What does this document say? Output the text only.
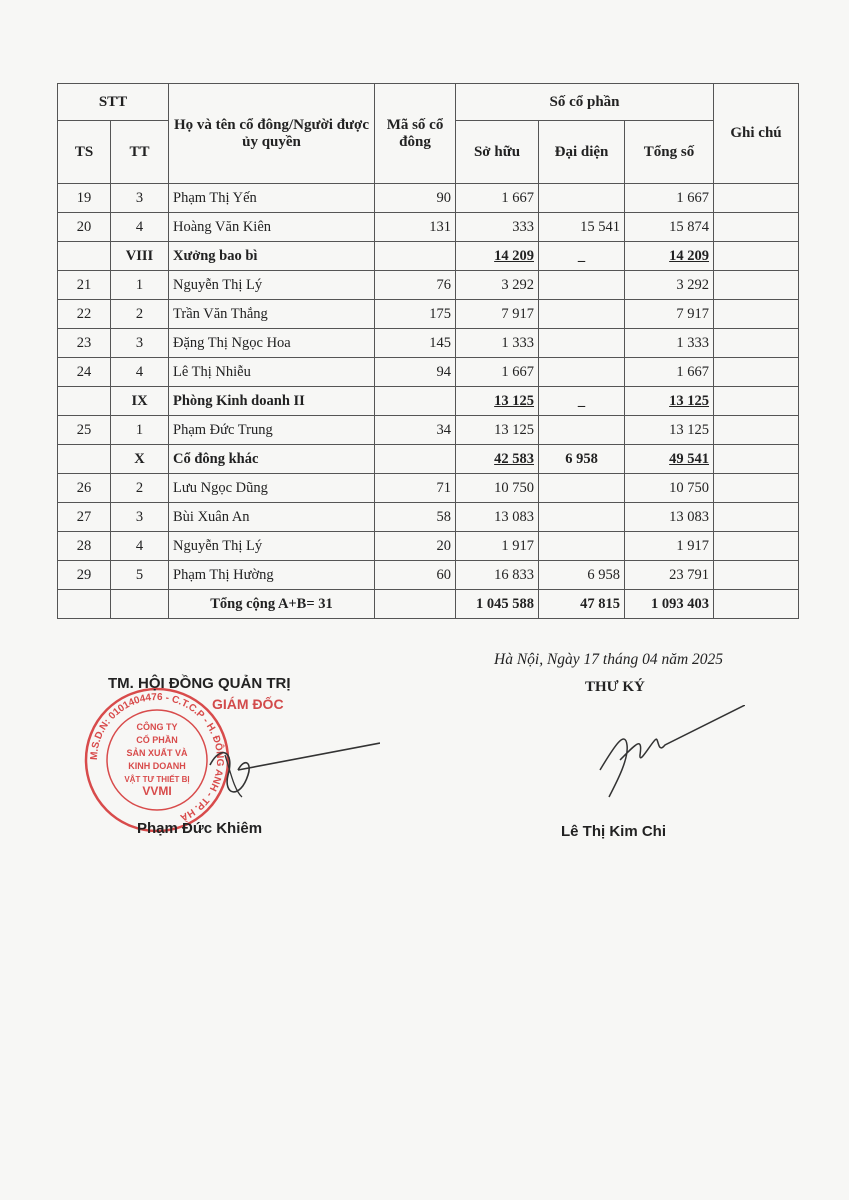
STT		Họ và tên cổ đông/Người được ủy quyền	Mã số cổ đông	Số cổ phần			Ghi chú
TS	TT			Sở hữu	Đại diện	Tổng số	
19	3	Phạm Thị Yến	90	1 667		1 667	
20	4	Hoàng Văn Kiên	131	333	15 541	15 874	
	VIII	Xưởng bao bì		14 209	_	14 209	
21	1	Nguyễn Thị Lý	76	3 292		3 292	
22	2	Trần Văn Thắng	175	7 917		7 917	
23	3	Đặng Thị Ngọc Hoa	145	1 333		1 333	
24	4	Lê Thị Nhiễu	94	1 667		1 667	
	IX	Phòng Kinh doanh II		13 125	_	13 125	
25	1	Phạm Đức Trung	34	13 125		13 125	
	X	Cổ đông khác		42 583	6 958	49 541	
26	2	Lưu Ngọc Dũng	71	10 750		10 750	
27	3	Bùi Xuân An	58	13 083		13 083	
28	4	Nguyễn Thị Lý	20	1 917		1 917	
29	5	Phạm Thị Hường	60	16 833	6 958	23 791	
		Tổng cộng A+B= 31		1 045 588	47 815	1 093 403	
Hà Nội, Ngày 17 tháng 04 năm 2025
THƯ KÝ
M.S.D.N: 0101404476 - C.T.C.P - H. ĐÔNG ANH - TP. HÀ
CÔNG TY
CỔ PHẦN
SẢN XUẤT VÀ
KINH DOANH
VẬT TƯ THIẾT BỊ
VVMI
TM. HỘI ĐỒNG QUẢN TRỊ
GIÁM ĐỐC
Phạm Đức Khiêm	Lê Thị Kim Chi
